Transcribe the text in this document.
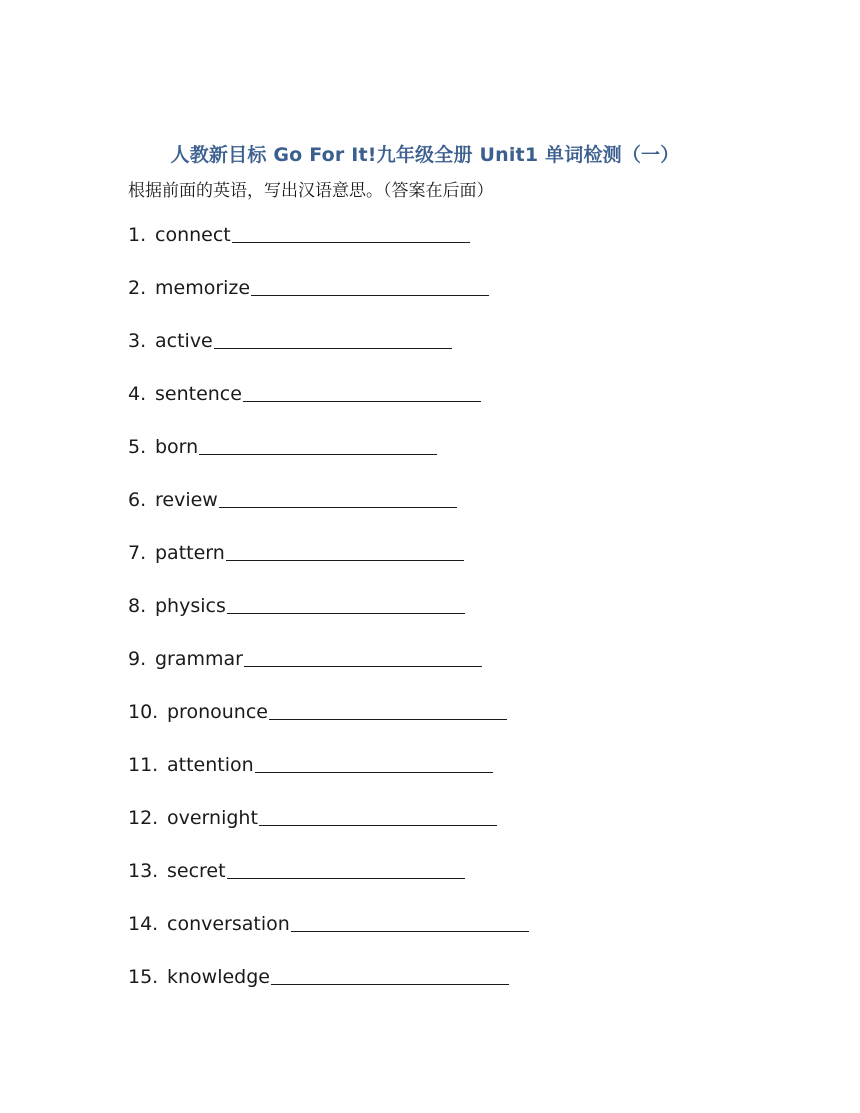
人教新目标 Go For It!九年级全册 Unit1 单词检测（一）
根据前面的英语，写出汉语意思。（答案在后面）
1. connect
2. memorize
3. active
4. sentence
5. born
6. review
7. pattern
8. physics
9. grammar
10. pronounce
11. attention
12. overnight
13. secret
14. conversation
15. knowledge
